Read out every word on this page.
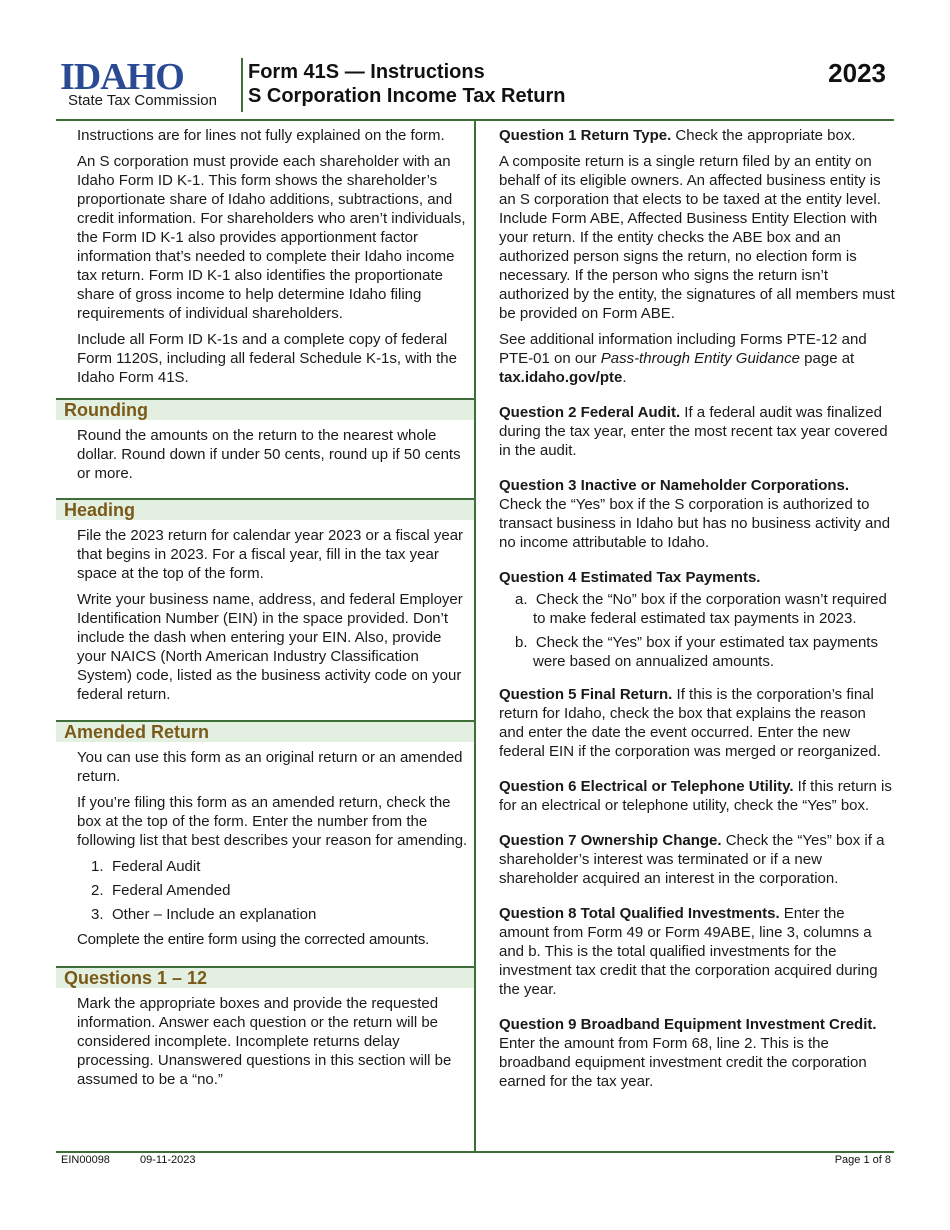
IDAHO
State Tax Commission
Form 41S — Instructions
S Corporation Income Tax Return
2023

Instructions are for lines not fully explained on the form.

An S corporation must provide each shareholder with an Idaho Form ID K-1. This form shows the shareholder’s proportionate share of Idaho additions, subtractions, and credit information. For shareholders who aren’t individuals, the Form ID K-1 also provides apportionment factor information that’s needed to complete their Idaho income tax return. Form ID K-1 also identifies the proportionate share of gross income to help determine Idaho filing requirements of individual shareholders.

Include all Form ID K-1s and a complete copy of federal Form 1120S, including all federal Schedule K-1s, with the Idaho Form 41S.

Rounding

Round the amounts on the return to the nearest whole dollar. Round down if under 50 cents, round up if 50 cents or more.

Heading

File the 2023 return for calendar year 2023 or a fiscal year that begins in 2023. For a fiscal year, fill in the tax year space at the top of the form.

Write your business name, address, and federal Employer Identification Number (EIN) in the space provided. Don’t include the dash when entering your EIN. Also, provide your NAICS (North American Industry Classification System) code, listed as the business activity code on your federal return.

Amended Return

You can use this form as an original return or an amended return.

If you’re filing this form as an amended return, check the box at the top of the form. Enter the number from the following list that best describes your reason for amending.

1. Federal Audit
2. Federal Amended
3. Other – Include an explanation

Complete the entire form using the corrected amounts.

Questions 1 – 12

Mark the appropriate boxes and provide the requested information. Answer each question or the return will be considered incomplete. Incomplete returns delay processing. Unanswered questions in this section will be assumed to be a “no.”

Question 1 Return Type. Check the appropriate box.

A composite return is a single return filed by an entity on behalf of its eligible owners. An affected business entity is an S corporation that elects to be taxed at the entity level. Include Form ABE, Affected Business Entity Election with your return. If the entity checks the ABE box and an authorized person signs the return, no election form is necessary. If the person who signs the return isn’t authorized by the entity, the signatures of all members must be provided on Form ABE.

See additional information including Forms PTE-12 and PTE-01 on our Pass-through Entity Guidance page at tax.idaho.gov/pte.

Question 2 Federal Audit. If a federal audit was finalized during the tax year, enter the most recent tax year covered in the audit.

Question 3 Inactive or Nameholder Corporations. Check the “Yes” box if the S corporation is authorized to transact business in Idaho but has no business activity and no income attributable to Idaho.

Question 4 Estimated Tax Payments.

a. Check the “No” box if the corporation wasn’t required to make federal estimated tax payments in 2023.
b. Check the “Yes” box if your estimated tax payments were based on annualized amounts.

Question 5 Final Return. If this is the corporation’s final return for Idaho, check the box that explains the reason and enter the date the event occurred. Enter the new federal EIN if the corporation was merged or reorganized.

Question 6 Electrical or Telephone Utility. If this return is for an electrical or telephone utility, check the “Yes” box.

Question 7 Ownership Change. Check the “Yes” box if a shareholder’s interest was terminated or if a new shareholder acquired an interest in the corporation.

Question 8 Total Qualified Investments. Enter the amount from Form 49 or Form 49ABE, line 3, columns a and b. This is the total qualified investments for the investment tax credit that the corporation acquired during the year.

Question 9 Broadband Equipment Investment Credit. Enter the amount from Form 68, line 2. This is the broadband equipment investment credit the corporation earned for the tax year.

EIN00098	09-11-2023	Page 1 of 8
